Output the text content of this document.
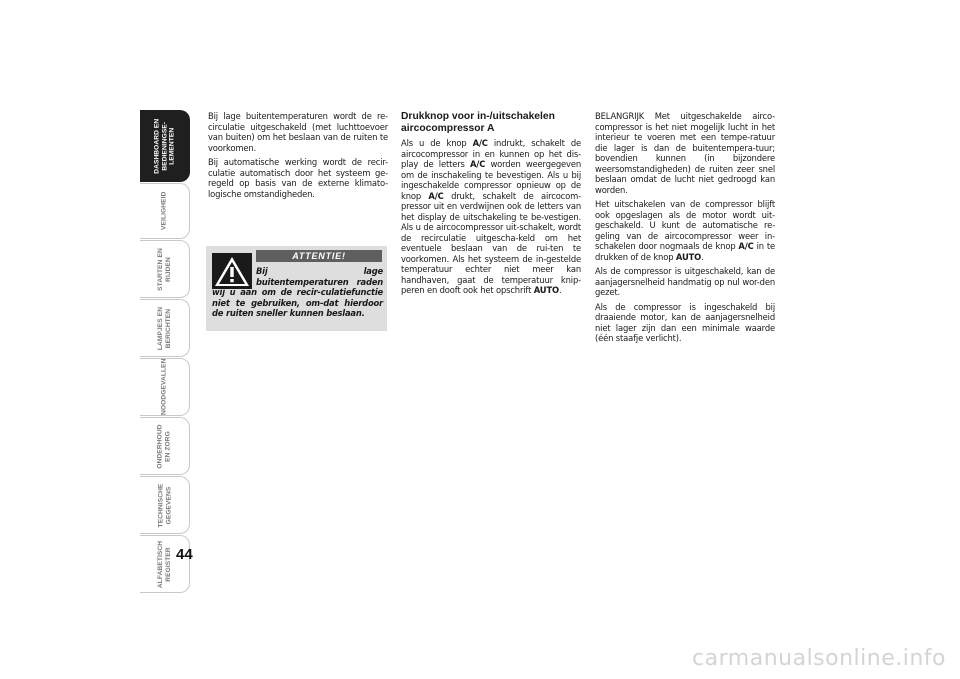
DASHBOARD EN BEDIENINGSE- LEMENTEN
VEILIGHEID
STARTEN EN RIJDEN
LAMPJES EN BERICHTEN
NOODGEVALLEN
ONDERHOUD EN ZORG
TECHNISCHE GEGEVENS
ALFABETISCH REGISTER 44

Bij lage buitentemperaturen wordt de re-circulatie uitgeschakeld (met luchttoevoer van buiten) om het beslaan van de ruiten te voorkomen.

Bij automatische werking wordt de recir-culatie automatisch door het systeem ge-regeld op basis van de externe klimato-logische omstandigheden.

ATTENTIE!
Bij lage buitentemperaturen raden wij u aan om de recir-culatiefunctie niet te gebruiken, om-dat hierdoor de ruiten sneller kunnen beslaan.
Drukknop voor in-/uitschakelen aircocompressor A

Als u de knop A/C indrukt, schakelt de aircocompressor in en kunnen op het dis-play de letters A/C worden weergegeven om de inschakeling te bevestigen. Als u bij ingeschakelde compressor opnieuw op de knop A/C drukt, schakelt de aircocom-pressor uit en verdwijnen ook de letters van het display de uitschakeling te be-vestigen. Als u de aircocompressor uit-schakelt, wordt de recirculatie uitgescha-keld om het eventuele beslaan van de rui-ten te voorkomen. Als het systeem de in-gestelde temperatuur echter niet meer kan handhaven, gaat de temperatuur knip-peren en dooft ook het opschrift AUTO.

BELANGRIJK Met uitgeschakelde airco-compressor is het niet mogelijk lucht in het interieur te voeren met een tempe-ratuur die lager is dan de buitentempera-tuur; bovendien kunnen (in bijzondere weersomstandigheden) de ruiten zeer snel beslaan omdat de lucht niet gedroogd kan worden.

Het uitschakelen van de compressor blijft ook opgeslagen als de motor wordt uit-geschakeld. U kunt de automatische re-geling van de aircocompressor weer in-schakelen door nogmaals de knop A/C in te drukken of de knop AUTO.

Als de compressor is uitgeschakeld, kan de aanjagersnelheid handmatig op nul wor-den gezet.

Als de compressor is ingeschakeld bij draaiende motor, kan de aanjagersnelheid niet lager zijn dan een minimale waarde (één staafje verlicht).

carmanualsonline.info
